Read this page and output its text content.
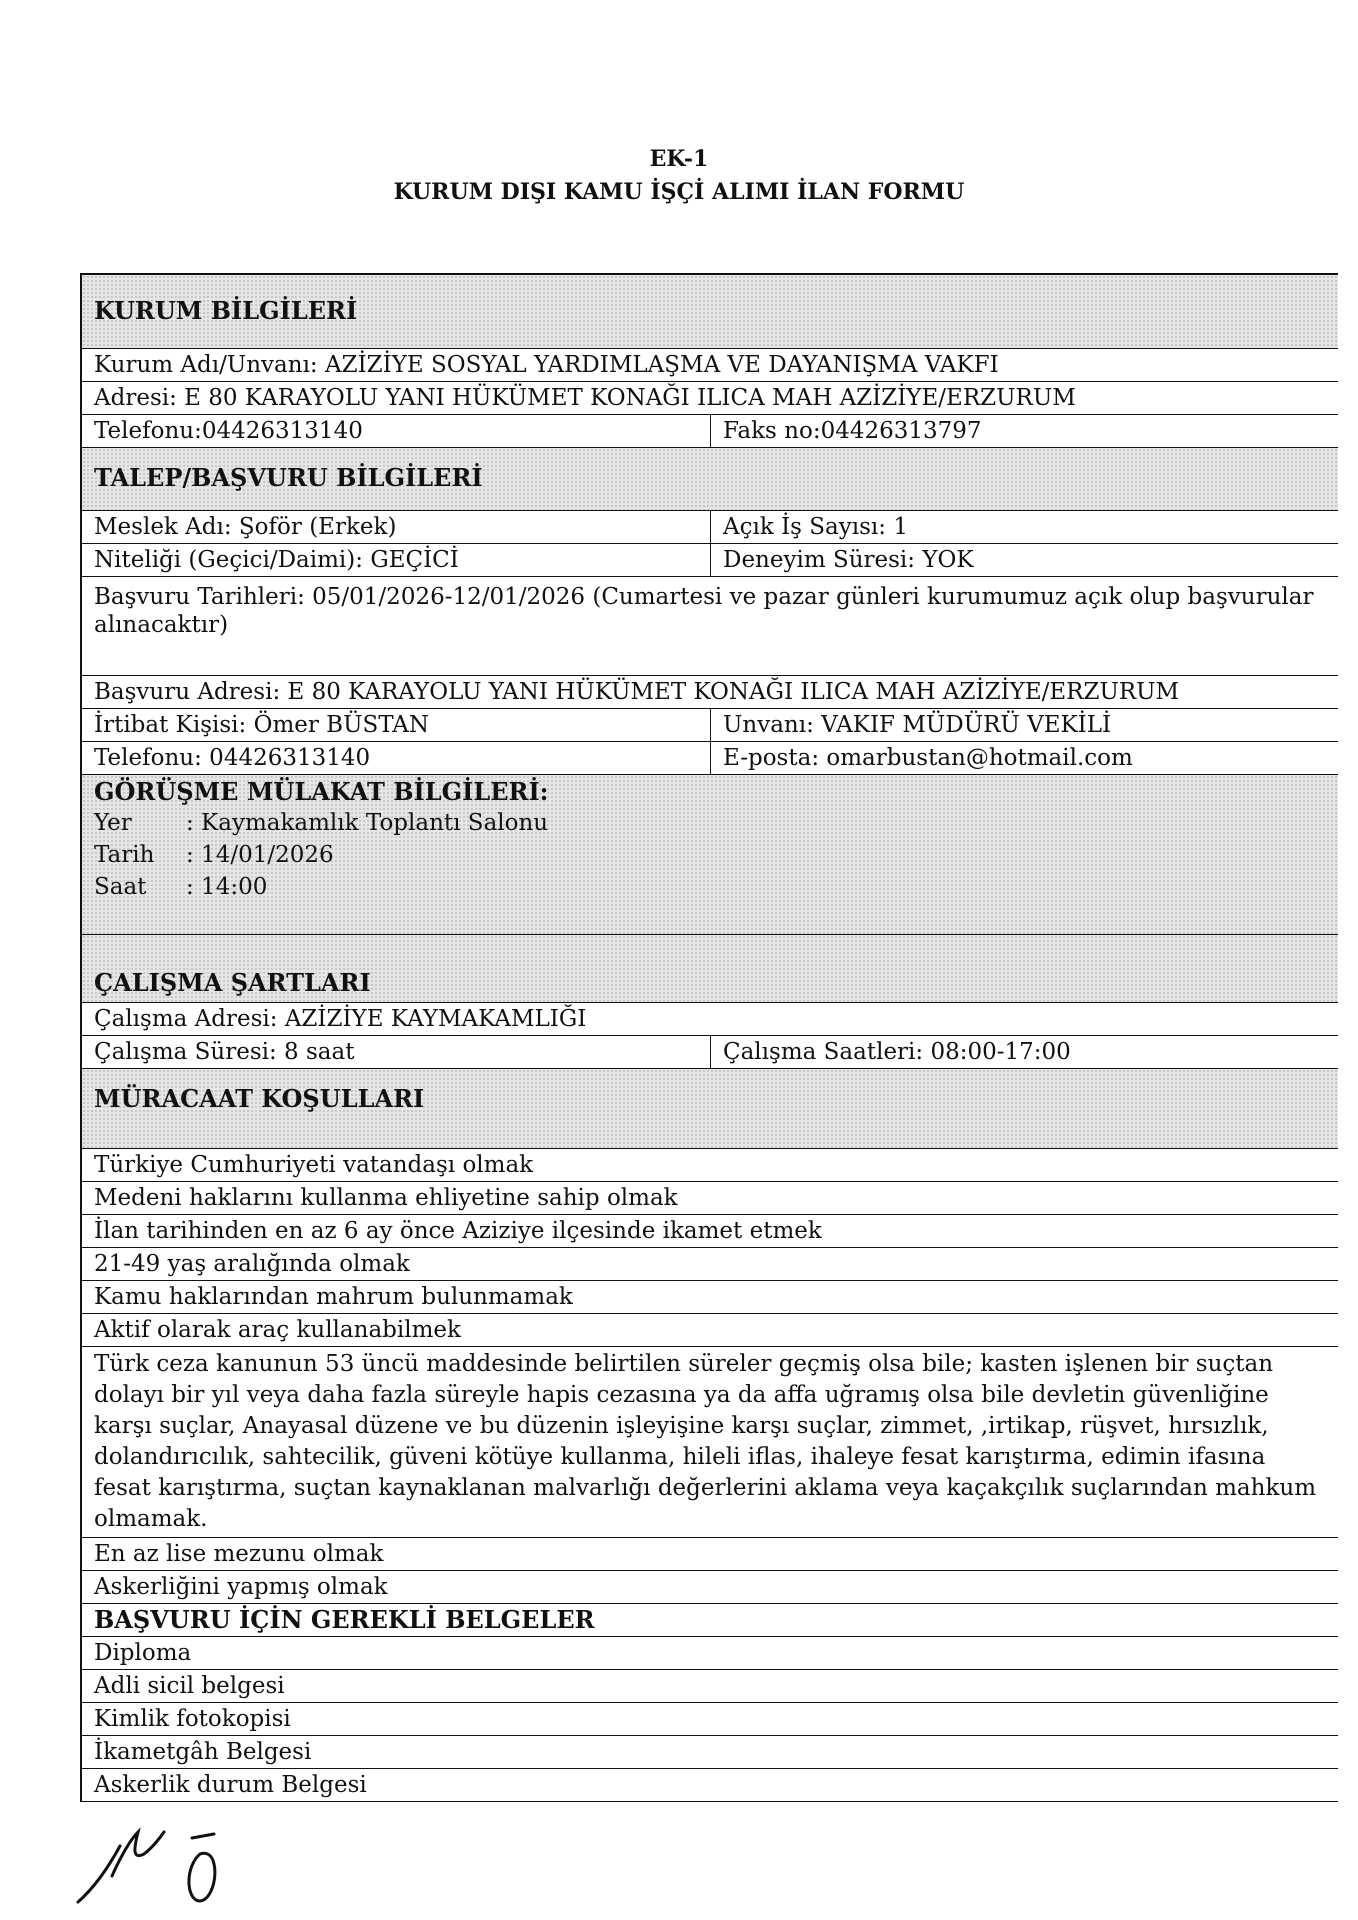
EK-1
KURUM DIŞI KAMU İŞÇİ ALIMI İLAN FORMU
KURUM BİLGİLERİ
Kurum Adı/Unvanı: AZİZİYE SOSYAL YARDIMLAŞMA VE DAYANIŞMA VAKFI
Adresi: E 80 KARAYOLU YANI HÜKÜMET KONAĞI ILICA MAH AZİZİYE/ERZURUM
Telefonu:04426313140	Faks no:04426313797
TALEP/BAŞVURU BİLGİLERİ
Meslek Adı: Şoför (Erkek)	Açık İş Sayısı: 1
Niteliği (Geçici/Daimi): GEÇİCİ	Deneyim Süresi: YOK
Başvuru Tarihleri: 05/01/2026-12/01/2026 (Cumartesi ve pazar günleri kurumumuz açık olup başvurular alınacaktır)
Başvuru Adresi: E 80 KARAYOLU YANI HÜKÜMET KONAĞI ILICA MAH AZİZİYE/ERZURUM
İrtibat Kişisi: Ömer BÜSTAN	Unvanı: VAKIF MÜDÜRÜ VEKİLİ
Telefonu: 04426313140	E-posta: omarbustan@hotmail.com
GÖRÜŞME MÜLAKAT BİLGİLERİ:
Yer : Kaymakamlık Toplantı Salonu
Tarih : 14/01/2026
Saat : 14:00
ÇALIŞMA ŞARTLARI
Çalışma Adresi: AZİZİYE KAYMAKAMLIĞI
Çalışma Süresi: 8 saat	Çalışma Saatleri: 08:00-17:00
MÜRACAAT KOŞULLARI
Türkiye Cumhuriyeti vatandaşı olmak
Medeni haklarını kullanma ehliyetine sahip olmak
İlan tarihinden en az 6 ay önce Aziziye ilçesinde ikamet etmek
21-49 yaş aralığında olmak
Kamu haklarından mahrum bulunmamak
Aktif olarak araç kullanabilmek
Türk ceza kanunun 53 üncü maddesinde belirtilen süreler geçmiş olsa bile; kasten işlenen bir suçtan dolayı bir yıl veya daha fazla süreyle hapis cezasına ya da affa uğramış olsa bile devletin güvenliğine karşı suçlar, Anayasal düzene ve bu düzenin işleyişine karşı suçlar, zimmet, ,irtikap, rüşvet, hırsızlık, dolandırıcılık, sahtecilik, güveni kötüye kullanma, hileli iflas, ihaleye fesat karıştırma, edimin ifasına fesat karıştırma, suçtan kaynaklanan malvarlığı değerlerini aklama veya kaçakçılık suçlarından mahkum olmamak.
En az lise mezunu olmak
Askerliğini yapmış olmak
BAŞVURU İÇİN GEREKLİ BELGELER
Diploma
Adli sicil belgesi
Kimlik fotokopisi
İkametgâh Belgesi
Askerlik durum Belgesi
